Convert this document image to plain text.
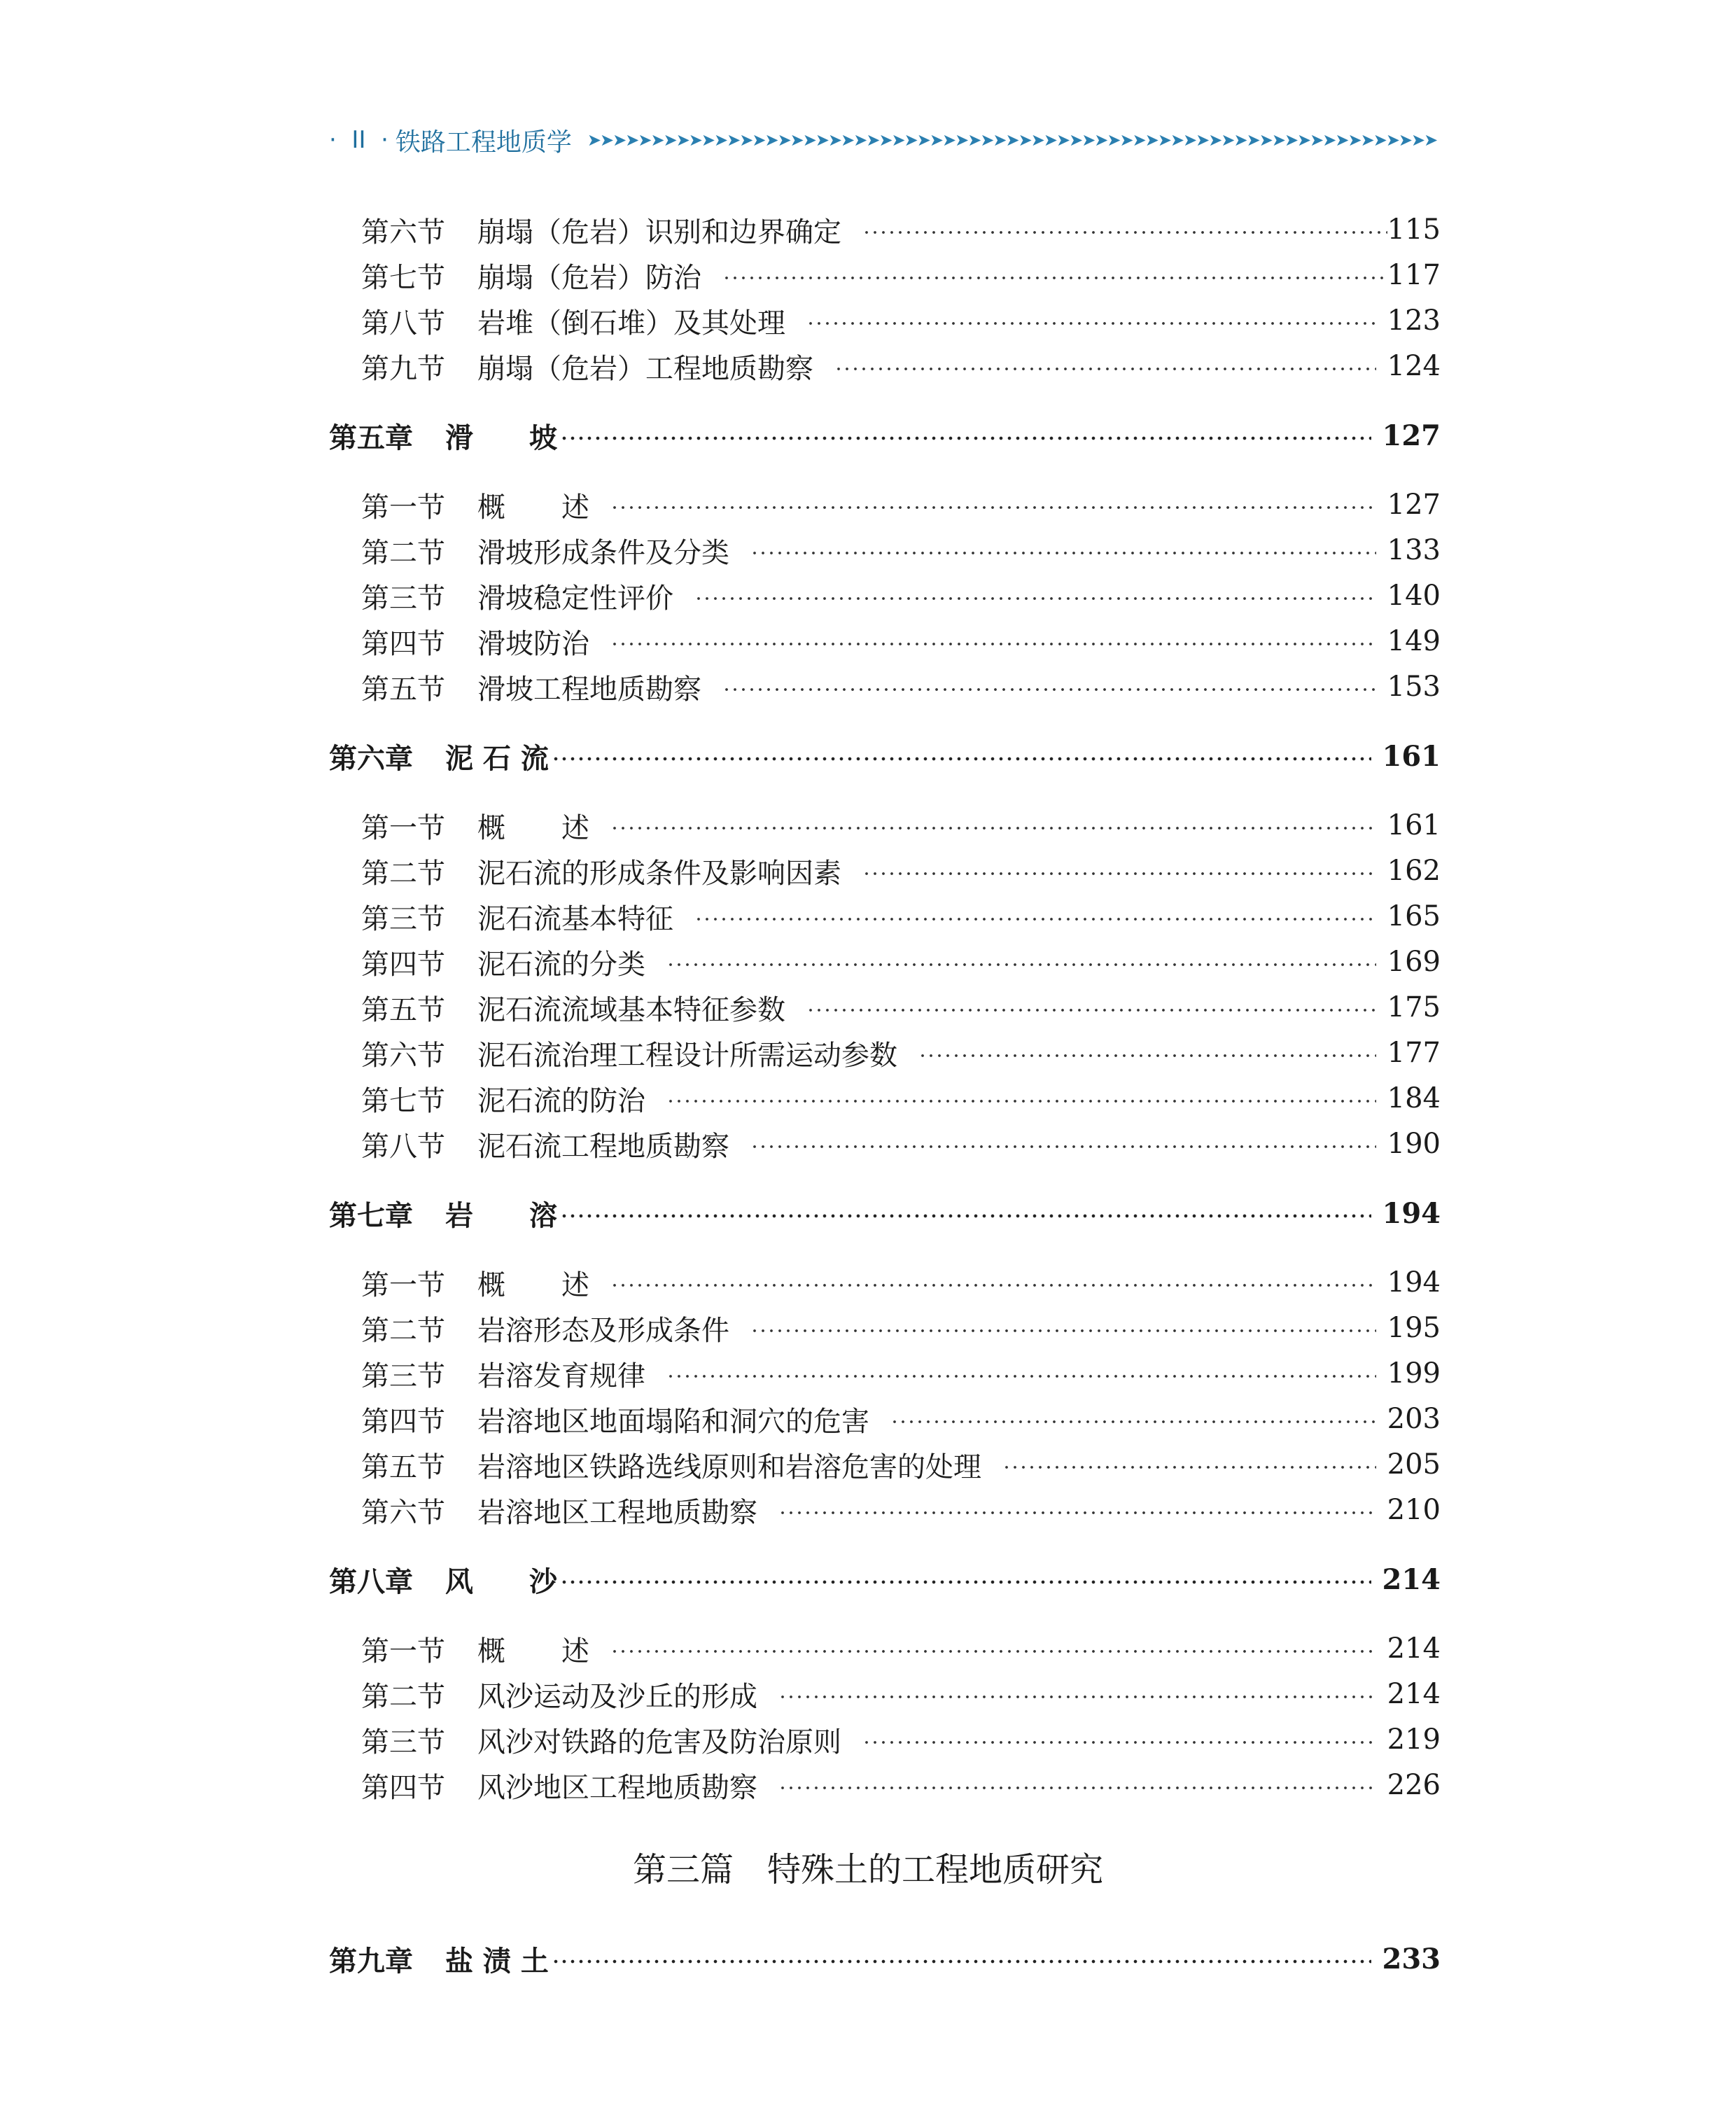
·  II  · 铁路工程地质学 ➤➤➤➤➤➤➤➤➤➤➤➤➤➤➤➤➤➤➤➤➤➤➤➤➤➤➤➤➤➤➤➤➤➤➤➤➤➤➤➤➤➤➤➤➤➤➤➤➤➤➤➤➤➤➤➤➤➤➤➤➤➤➤➤➤➤➤
第六节 崩塌（危岩）识别和边界确定	115
第七节 崩塌（危岩）防治	117
第八节 岩堆（倒石堆）及其处理	123
第九节 崩塌（危岩）工程地质勘察	124
第五章 滑　　坡	127
第一节 概　　述	127
第二节 滑坡形成条件及分类	133
第三节 滑坡稳定性评价	140
第四节 滑坡防治	149
第五节 滑坡工程地质勘察	153
第六章 泥 石 流	161
第一节 概　　述	161
第二节 泥石流的形成条件及影响因素	162
第三节 泥石流基本特征	165
第四节 泥石流的分类	169
第五节 泥石流流域基本特征参数	175
第六节 泥石流治理工程设计所需运动参数	177
第七节 泥石流的防治	184
第八节 泥石流工程地质勘察	190
第七章 岩　　溶	194
第一节 概　　述	194
第二节 岩溶形态及形成条件	195
第三节 岩溶发育规律	199
第四节 岩溶地区地面塌陷和洞穴的危害	203
第五节 岩溶地区铁路选线原则和岩溶危害的处理	205
第六节 岩溶地区工程地质勘察	210
第八章 风　　沙	214
第一节 概　　述	214
第二节 风沙运动及沙丘的形成	214
第三节 风沙对铁路的危害及防治原则	219
第四节 风沙地区工程地质勘察	226
第三篇　特殊土的工程地质研究
第九章 盐 渍 土	233
